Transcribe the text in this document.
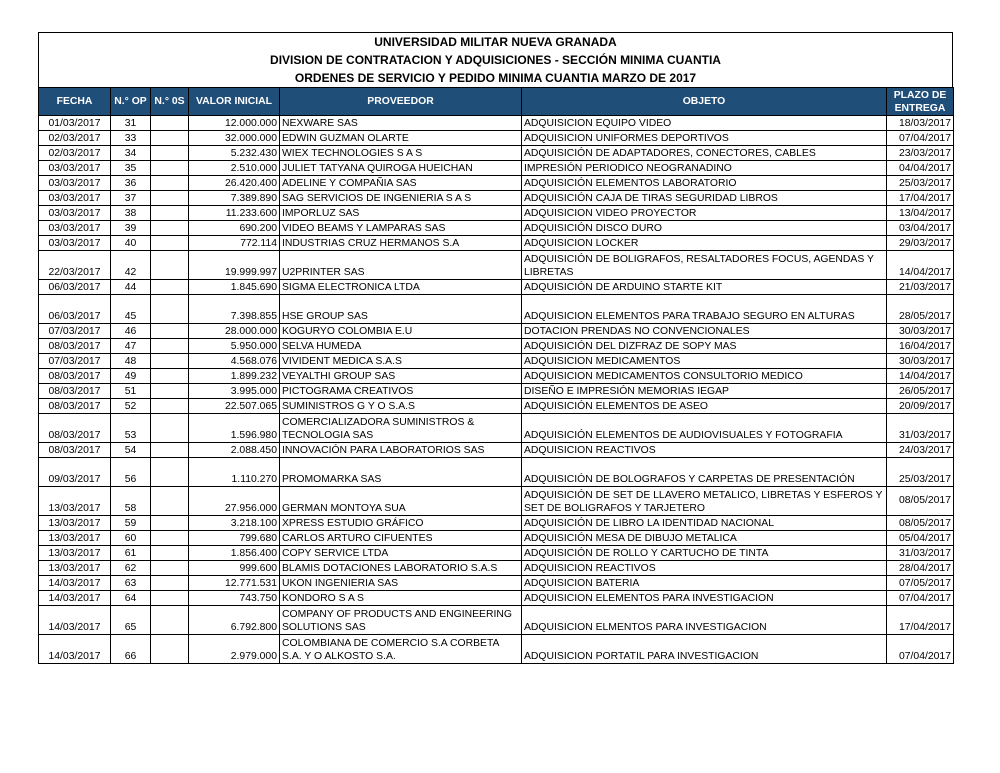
UNIVERSIDAD MILITAR NUEVA GRANADA
DIVISION DE CONTRATACION Y ADQUISICIONES - SECCIÓN MINIMA CUANTIA
ORDENES DE SERVICIO Y PEDIDO MINIMA CUANTIA MARZO DE 2017
FECHA	N.° OP	N.° 0S	VALOR INICIAL	PROVEEDOR	OBJETO	PLAZO DE ENTREGA
01/03/2017	31		12.000.000	NEXWARE SAS	ADQUISICION EQUIPO VIDEO	18/03/2017
02/03/2017	33		32.000.000	EDWIN GUZMAN OLARTE	ADQUISICION UNIFORMES DEPORTIVOS	07/04/2017
02/03/2017	34		5.232.430	WIEX TECHNOLOGIES S A S	ADQUISICIÓN DE ADAPTADORES, CONECTORES, CABLES	23/03/2017
03/03/2017	35		2.510.000	JULIET TATYANA QUIROGA HUEICHAN	IMPRESIÓN PERIODICO NEOGRANADINO	04/04/2017
03/03/2017	36		26.420.400	ADELINE Y COMPAÑIA SAS	ADQUISICIÓN ELEMENTOS LABORATORIO	25/03/2017
03/03/2017	37		7.389.890	SAG SERVICIOS DE INGENIERIA S A S	ADQUISICIÓN CAJA DE TIRAS SEGURIDAD LIBROS	17/04/2017
03/03/2017	38		11.233.600	IMPORLUZ SAS	ADQUISICION VIDEO PROYECTOR	13/04/2017
03/03/2017	39		690.200	VIDEO BEAMS Y LAMPARAS SAS	ADQUISICIÓN DISCO DURO	03/04/2017
03/03/2017	40		772.114	INDUSTRIAS CRUZ HERMANOS S.A	ADQUISICION LOCKER	29/03/2017
22/03/2017	42		19.999.997	U2PRINTER SAS	ADQUISICIÓN DE BOLIGRAFOS, RESALTADORES FOCUS, AGENDAS Y LIBRETAS	14/04/2017
06/03/2017	44		1.845.690	SIGMA ELECTRONICA LTDA	ADQUISICIÓN DE ARDUINO STARTE KIT	21/03/2017
06/03/2017	45		7.398.855	HSE GROUP SAS	ADQUISICION ELEMENTOS PARA TRABAJO SEGURO EN ALTURAS	28/05/2017
07/03/2017	46		28.000.000	KOGURYO COLOMBIA E.U	DOTACION PRENDAS NO CONVENCIONALES	30/03/2017
08/03/2017	47		5.950.000	SELVA HUMEDA	ADQUISICIÓN DEL DIZFRAZ DE SOPY MAS	16/04/2017
07/03/2017	48		4.568.076	VIVIDENT MEDICA S.A.S	ADQUISICION MEDICAMENTOS	30/03/2017
08/03/2017	49		1.899.232	VEYALTHI GROUP SAS	ADQUISICION MEDICAMENTOS CONSULTORIO MEDICO	14/04/2017
08/03/2017	51		3.995.000	PICTOGRAMA CREATIVOS	DISEÑO E IMPRESIÓN MEMORIAS IEGAP	26/05/2017
08/03/2017	52		22.507.065	SUMINISTROS G Y O S.A.S	ADQUISICIÓN ELEMENTOS DE ASEO	20/09/2017
08/03/2017	53		1.596.980	COMERCIALIZADORA SUMINISTROS & TECNOLOGIA SAS	ADQUISICIÓN ELEMENTOS DE AUDIOVISUALES Y FOTOGRAFIA	31/03/2017
08/03/2017	54		2.088.450	INNOVACIÓN PARA LABORATORIOS SAS	ADQUISICION REACTIVOS	24/03/2017
09/03/2017	56		1.110.270	PROMOMARKA SAS	ADQUISICIÓN DE BOLOGRAFOS Y CARPETAS DE PRESENTACIÓN	25/03/2017
13/03/2017	58		27.956.000	GERMAN MONTOYA SUA	ADQUISICIÓN DE SET DE LLAVERO METALICO, LIBRETAS Y ESFEROS Y SET DE BOLIGRAFOS Y TARJETERO	08/05/2017
13/03/2017	59		3.218.100	XPRESS ESTUDIO GRÁFICO	ADQUISICIÓN DE LIBRO LA IDENTIDAD NACIONAL	08/05/2017
13/03/2017	60		799.680	CARLOS ARTURO CIFUENTES	ADQUISICIÓN MESA DE DIBUJO METALICA	05/04/2017
13/03/2017	61		1.856.400	COPY SERVICE LTDA	ADQUISICIÓN DE ROLLO Y CARTUCHO DE TINTA	31/03/2017
13/03/2017	62		999.600	BLAMIS DOTACIONES LABORATORIO S.A.S	ADQUISICION REACTIVOS	28/04/2017
14/03/2017	63		12.771.531	UKON INGENIERIA SAS	ADQUISICION BATERIA	07/05/2017
14/03/2017	64		743.750	KONDORO S A S	ADQUISICION ELEMENTOS PARA INVESTIGACION	07/04/2017
14/03/2017	65		6.792.800	COMPANY OF PRODUCTS AND ENGINEERING SOLUTIONS SAS	ADQUISICION ELMENTOS PARA INVESTIGACION	17/04/2017
14/03/2017	66		2.979.000	COLOMBIANA DE COMERCIO S.A CORBETA S.A. Y O ALKOSTO S.A.	ADQUISICION PORTATIL PARA INVESTIGACION	07/04/2017
